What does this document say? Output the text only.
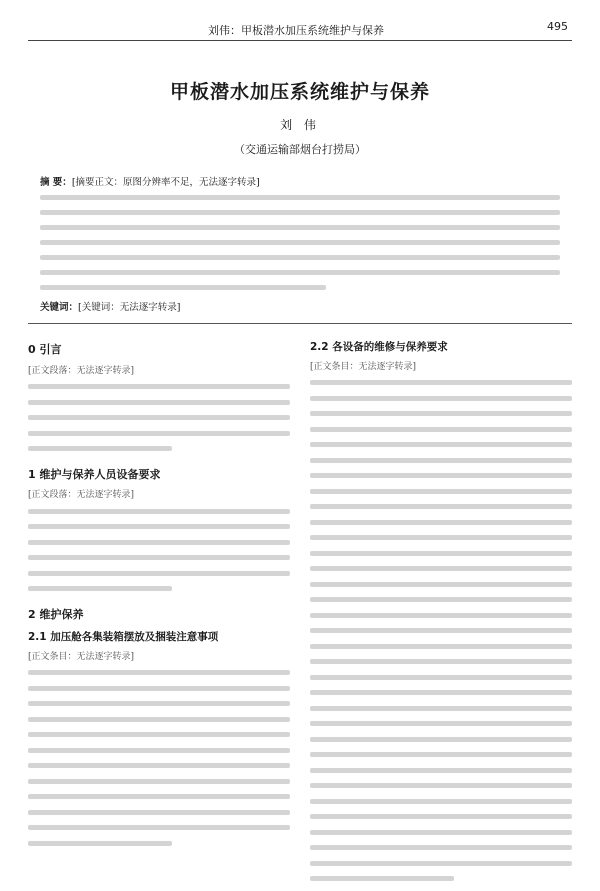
刘伟：甲板潜水加压系统维护与保养	495
甲板潜水加压系统维护与保养
刘 伟
（交通运输部烟台打捞局）
摘 要：[摘要正文：原图分辨率不足，无法逐字转录]
关键词：[关键词：无法逐字转录]
0 引言
[正文段落：无法逐字转录]
1 维护与保养人员设备要求
[正文段落：无法逐字转录]
2 维护保养
2.1 加压舱各集装箱摆放及捆装注意事项
[正文条目：无法逐字转录]
2.2 各设备的维修与保养要求
[正文条目：无法逐字转录]
